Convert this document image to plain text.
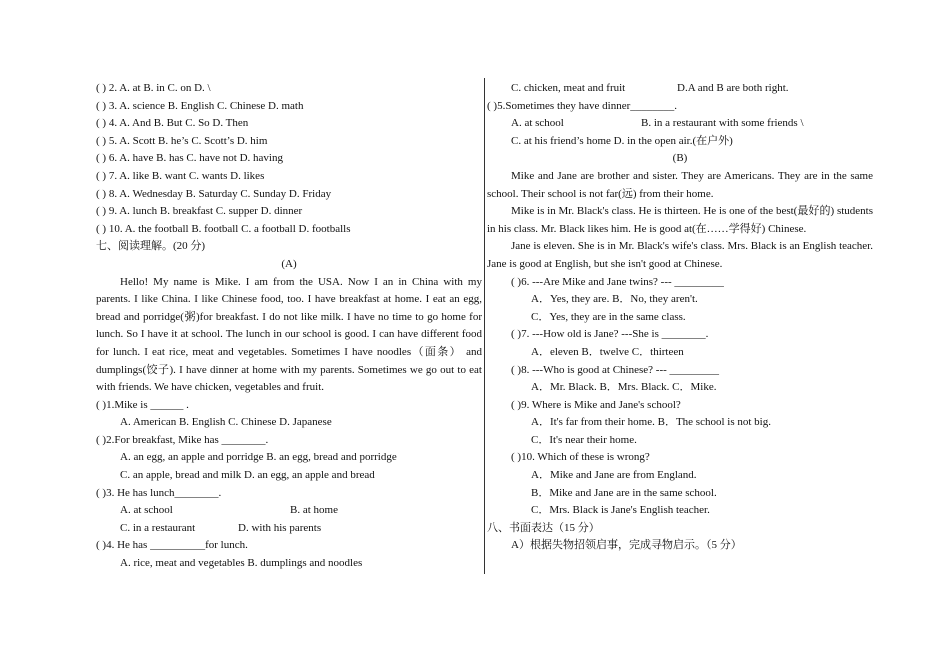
( ) 2. A. at B. in C. on D. \
( ) 3. A. science B. English C. Chinese D. math
( ) 4. A. And B. But C. So D. Then
( ) 5. A. Scott B. he’s C. Scott’s D. him
( ) 6. A. have B. has C. have not D. having
( ) 7. A. like B. want C. wants D. likes
( ) 8. A. Wednesday B. Saturday C. Sunday D. Friday
( ) 9. A. lunch B. breakfast C. supper D. dinner
( ) 10. A. the football B. football C. a football D. footballs
七、阅读理解。(20 分)
(A)
Hello! My name is Mike. I am from the USA. Now I an in China with my parents. I like China. I like Chinese food, too. I have breakfast at home. I eat an egg, bread and porridge(粥)for breakfast. I do not like milk. I have no time to go home for lunch. So I have it at school. The lunch in our school is good. I can have different food for lunch. I eat rice, meat and vegetables. Sometimes I have noodles（面条） and dumplings(饺子). I have dinner at home with my parents. Sometimes we go out to eat with friends. We have chicken, vegetables and fruit.
( )1.Mike is ______ .
A. American B. English C. Chinese D. Japanese
( )2.For breakfast, Mike has ________.
A. an egg, an apple and porridge B. an egg, bread and porridge
C. an apple, bread and milk D. an egg, an apple and bread
( )3. He has lunch________.
A. at school	B. at home
C. in a restaurant	D. with his parents
( )4. He has __________for lunch.
A. rice, meat and vegetables B. dumplings and noodles
C. chicken, meat and fruit	D.A and B are both right.
( )5.Sometimes they have dinner________.
A. at school	B. in a restaurant with some friends \
C. at his friend’s home D. in the open air.(在户外)
(B)
Mike and Jane are brother and sister. They are Americans. They are in the same school. Their school is not far(远) from their home.
Mike is in Mr. Black's class. He is thirteen. He is one of the best(最好的) students in his class. Mr. Black likes him. He is good at(在……学得好) Chinese.
Jane is eleven. She is in Mr. Black's wife's class. Mrs. Black is an English teacher. Jane is good at English, but she isn't good at Chinese.
( )6. ---Are Mike and Jane twins? --- _________
A．Yes, they are. B．No, they aren't.
C．Yes, they are in the same class.
( )7. ---How old is Jane? ---She is ________.
A．eleven B．twelve C．thirteen
( )8. ---Who is good at Chinese? --- _________
A．Mr. Black. B．Mrs. Black. C．Mike.
( )9. Where is Mike and Jane's school?
A．It's far from their home. B．The school is not big.
C．It's near their home.
( )10. Which of these is wrong?
A．Mike and Jane are from England.
B．Mike and Jane are in the same school.
C．Mrs. Black is Jane's English teacher.
八、书面表达（15 分）
A）根据失物招领启事，完成寻物启示。（5 分）
